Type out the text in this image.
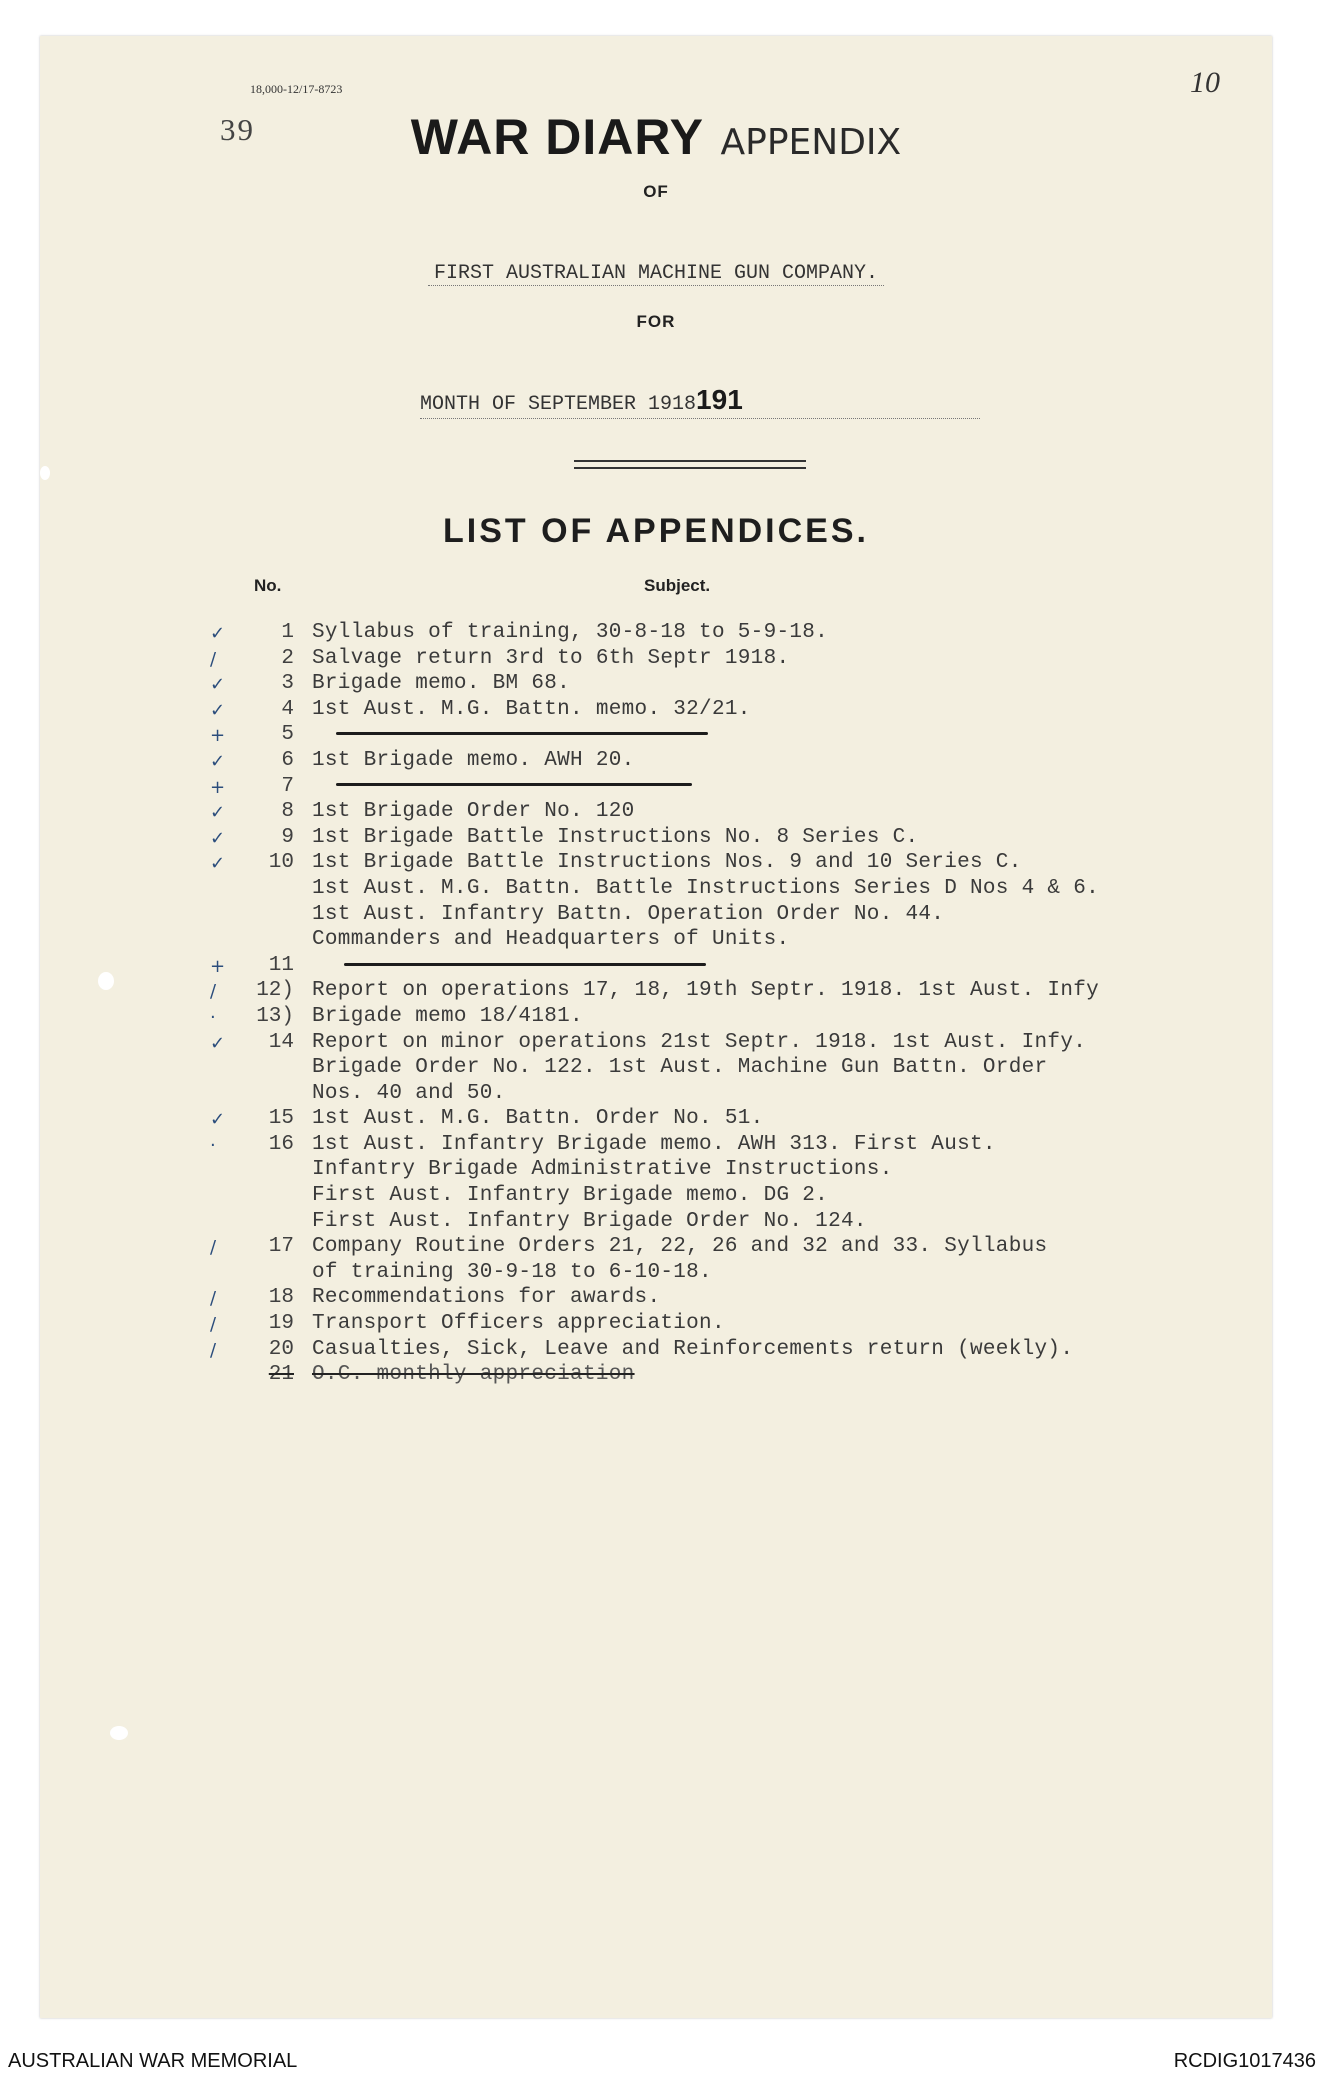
18,000-12/17-8723
39
10
WAR DIARY APPENDIX
OF
FIRST AUSTRALIAN MACHINE GUN COMPANY.
FOR
MONTH OF SEPTEMBER 1918191
LIST OF APPENDICES.
No.	Subject.
✓	1 Syllabus of training, 30-8-18 to 5-9-18.
/	2 Salvage return 3rd to 6th Septr 1918.
✓	3 Brigade memo. BM 68.
✓	4 1st Aust. M.G. Battn. memo. 32/21.
+	5
✓	6 1st Brigade memo. AWH 20.
+	7
✓	8 1st Brigade Order No. 120
✓	9 1st Brigade Battle Instructions No. 8 Series C.
✓	10 1st Brigade Battle Instructions Nos. 9 and 10 Series C.
1st Aust. M.G. Battn. Battle Instructions Series D Nos 4 & 6.
1st Aust. Infantry Battn. Operation Order No. 44.
Commanders and Headquarters of Units.
+	11
/	12) Report on operations 17, 18, 19th Septr. 1918. 1st Aust. Infy
·	13) Brigade memo 18/4181.
✓	14 Report on minor operations 21st Septr. 1918. 1st Aust. Infy.
Brigade Order No. 122. 1st Aust. Machine Gun Battn. Order
Nos. 40 and 50.
✓	15 1st Aust. M.G. Battn. Order No. 51.
·	16 1st Aust. Infantry Brigade memo. AWH 313. First Aust.
Infantry Brigade Administrative Instructions.
First Aust. Infantry Brigade memo. DG 2.
First Aust. Infantry Brigade Order No. 124.
/	17 Company Routine Orders 21, 22, 26 and 32 and 33. Syllabus
of training 30-9-18 to 6-10-18.
/	18 Recommendations for awards.
/	19 Transport Officers appreciation.
/	20 Casualties, Sick, Leave and Reinforcements return (weekly).
21 O.C. monthly appreciation
AUSTRALIAN WAR MEMORIAL	RCDIG1017436
